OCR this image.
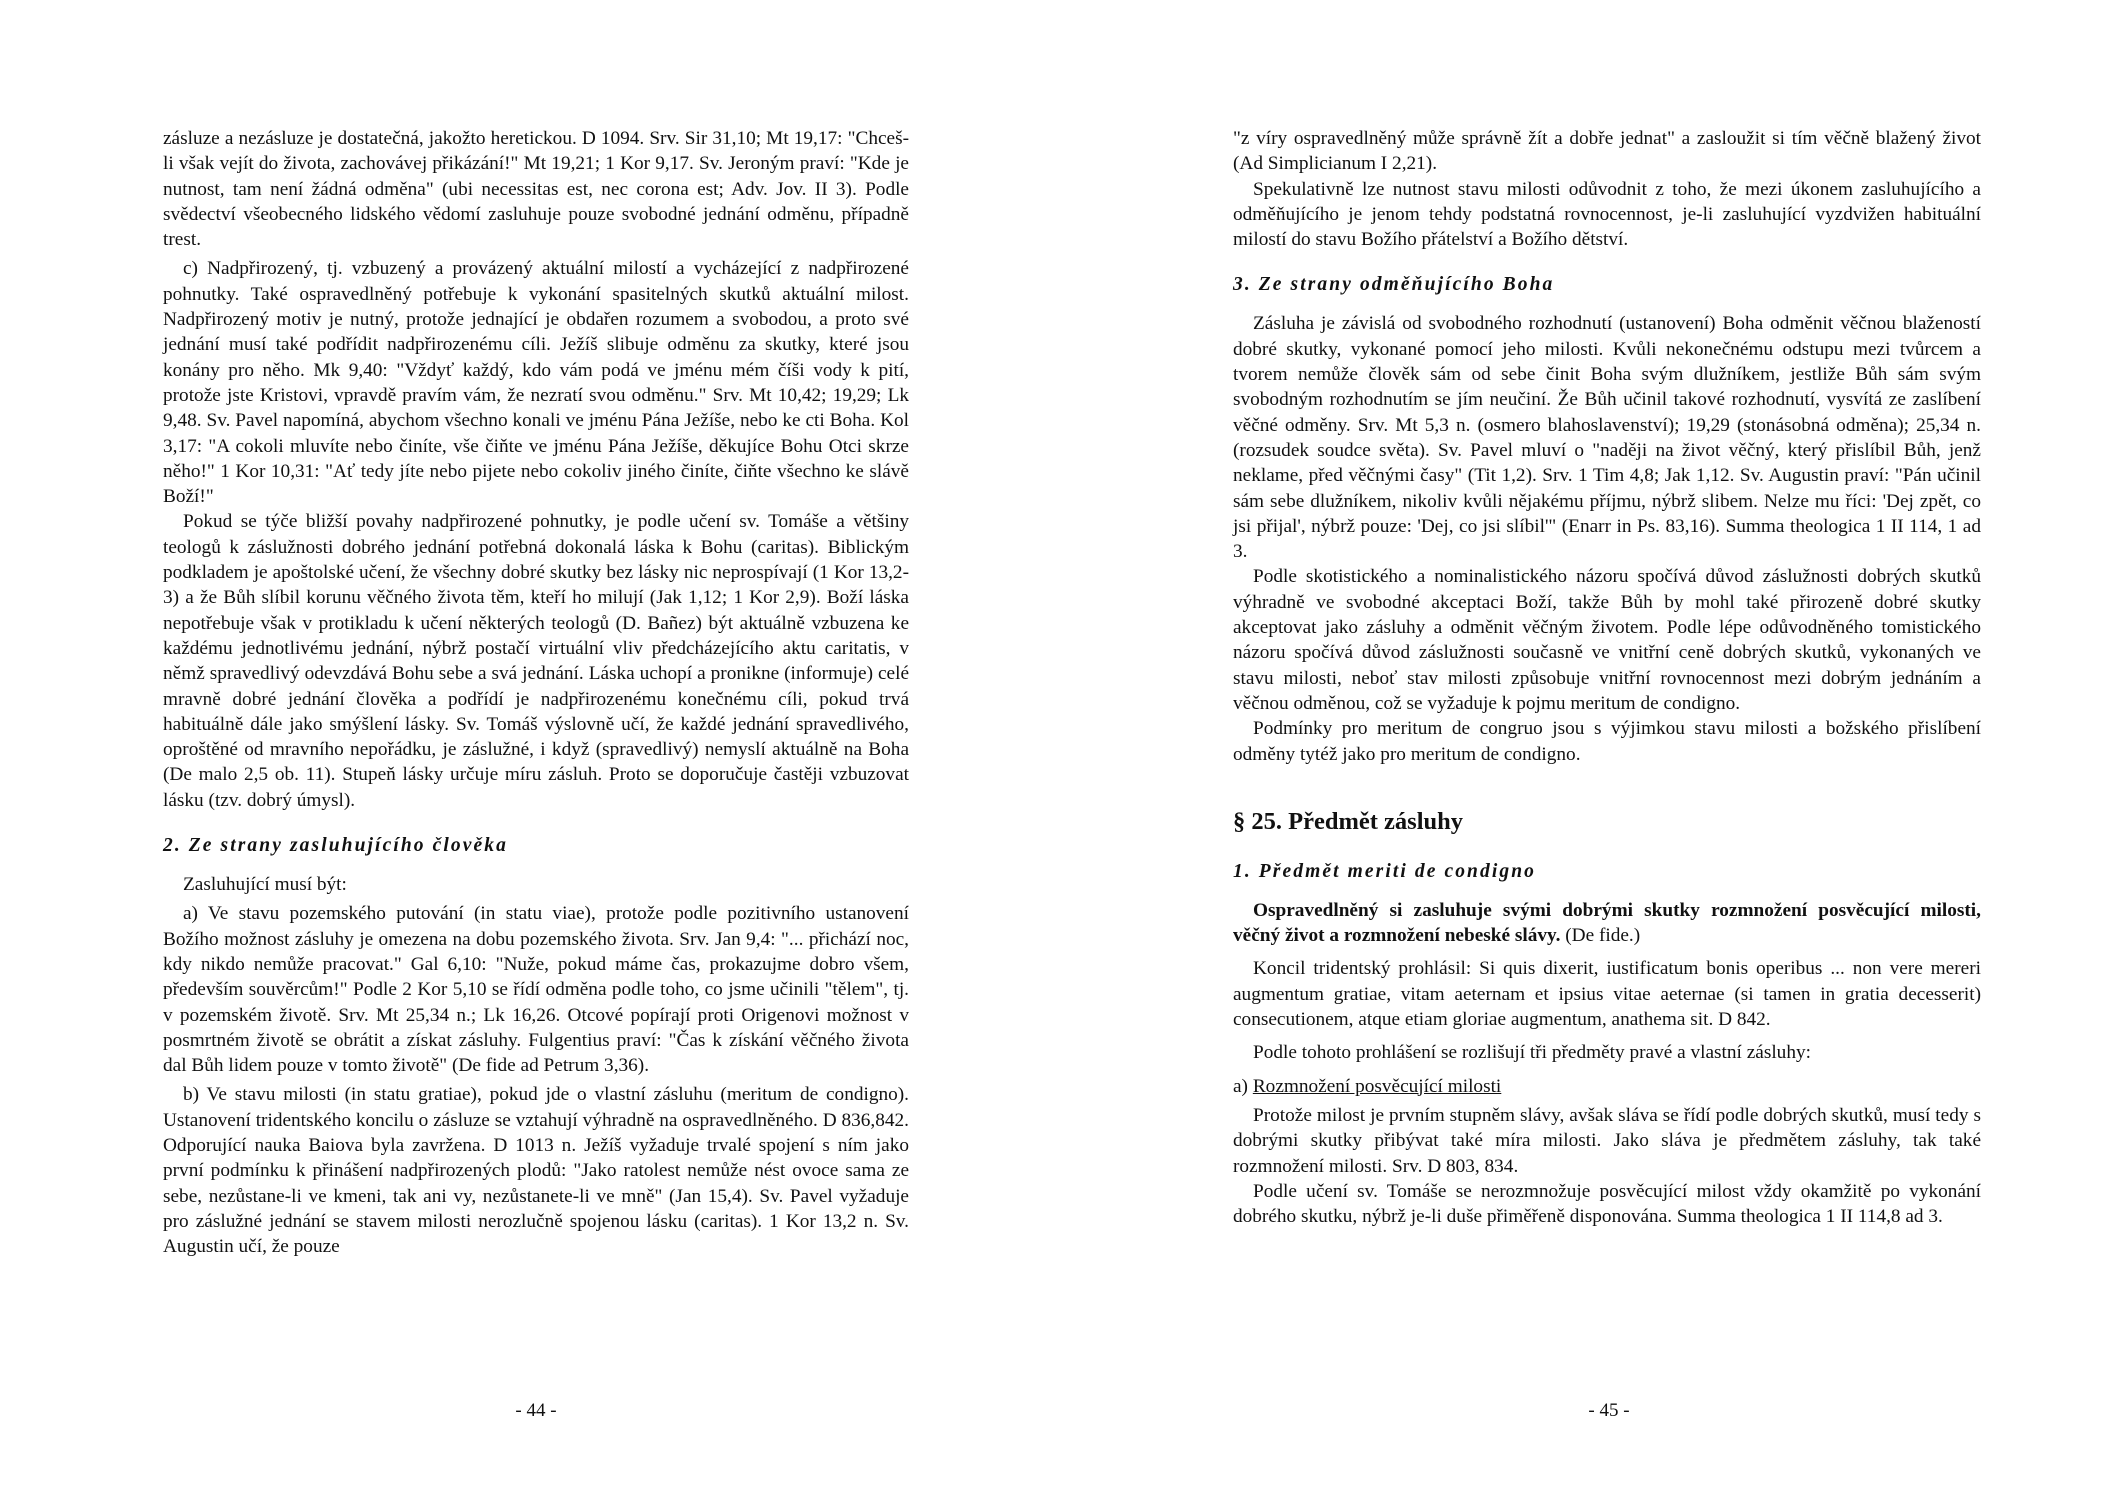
zásluze a nezásluze je dostatečná, jakožto heretickou. D 1094. Srv. Sir 31,10; Mt 19,17: "Chceš-li však vejít do života, zachovávej přikázání!" Mt 19,21; 1 Kor 9,17. Sv. Jeroným praví: "Kde je nutnost, tam není žádná odměna" (ubi necessitas est, nec corona est; Adv. Jov. II 3). Podle svědectví všeobecného lidského vědomí zasluhuje pouze svobodné jednání odměnu, případně trest.

c) Nadpřirozený, tj. vzbuzený a provázený aktuální milostí a vycházející z nadpřirozené pohnutky. Také ospravedlněný potřebuje k vykonání spasitelných skutků aktuální milost. Nadpřirozený motiv je nutný, protože jednající je obdařen rozumem a svobodou, a proto své jednání musí také podřídit nadpřirozenému cíli. Ježíš slibuje odměnu za skutky, které jsou konány pro něho. Mk 9,40: "Vždyť každý, kdo vám podá ve jménu mém číši vody k pití, protože jste Kristovi, vpravdě pravím vám, že nezratí svou odměnu." Srv. Mt 10,42; 19,29; Lk 9,48. Sv. Pavel napomíná, abychom všechno konali ve jménu Pána Ježíše, nebo ke cti Boha. Kol 3,17: "A cokoli mluvíte nebo činíte, vše čiňte ve jménu Pána Ježíše, děkujíce Bohu Otci skrze něho!" 1 Kor 10,31: "Ať tedy jíte nebo pijete nebo cokoliv jiného činíte, čiňte všechno ke slávě Boží!"

Pokud se týče bližší povahy nadpřirozené pohnutky, je podle učení sv. Tomáše a většiny teologů k záslužnosti dobrého jednání potřebná dokonalá láska k Bohu (caritas). Biblickým podkladem je apoštolské učení, že všechny dobré skutky bez lásky nic neprospívají (1 Kor 13,2-3) a že Bůh slíbil korunu věčného života těm, kteří ho milují (Jak 1,12; 1 Kor 2,9). Boží láska nepotřebuje však v protikladu k učení některých teologů (D. Bañez) být aktuálně vzbuzena ke každému jednotlivému jednání, nýbrž postačí virtuální vliv předcházejícího aktu caritatis, v němž spravedlivý odevzdává Bohu sebe a svá jednání. Láska uchopí a pronikne (informuje) celé mravně dobré jednání člověka a podřídí je nadpřirozenému konečnému cíli, pokud trvá habituálně dále jako smýšlení lásky. Sv. Tomáš výslovně učí, že každé jednání spravedlivého, oproštěné od mravního nepořádku, je záslužné, i když (spravedlivý) nemyslí aktuálně na Boha (De malo 2,5 ob. 11). Stupeň lásky určuje míru zásluh. Proto se doporučuje častěji vzbuzovat lásku (tzv. dobrý úmysl).

2. Ze strany zasluhujícího člověka

Zasluhující musí být:

a) Ve stavu pozemského putování (in statu viae), protože podle pozitivního ustanovení Božího možnost zásluhy je omezena na dobu pozemského života. Srv. Jan 9,4: "... přichází noc, kdy nikdo nemůže pracovat." Gal 6,10: "Nuže, pokud máme čas, prokazujme dobro všem, především souvěrcům!" Podle 2 Kor 5,10 se řídí odměna podle toho, co jsme učinili "tělem", tj. v pozemském životě. Srv. Mt 25,34 n.; Lk 16,26. Otcové popírají proti Origenovi možnost v posmrtném životě se obrátit a získat zásluhy. Fulgentius praví: "Čas k získání věčného života dal Bůh lidem pouze v tomto životě" (De fide ad Petrum 3,36).

b) Ve stavu milosti (in statu gratiae), pokud jde o vlastní zásluhu (meritum de condigno). Ustanovení tridentského koncilu o zásluze se vztahují výhradně na ospravedlněného. D 836,842. Odporující nauka Baiova byla zavržena. D 1013 n. Ježíš vyžaduje trvalé spojení s ním jako první podmínku k přinášení nadpřirozených plodů: "Jako ratolest nemůže nést ovoce sama ze sebe, nezůstane-li ve kmeni, tak ani vy, nezůstanete-li ve mně" (Jan 15,4). Sv. Pavel vyžaduje pro záslužné jednání se stavem milosti nerozlučně spojenou lásku (caritas). 1 Kor 13,2 n. Sv. Augustin učí, že pouze

- 44 -

"z víry ospravedlněný může správně žít a dobře jednat" a zasloužit si tím věčně blažený život (Ad Simplicianum I 2,21).

Spekulativně lze nutnost stavu milosti odůvodnit z toho, že mezi úkonem zasluhujícího a odměňujícího je jenom tehdy podstatná rovnocennost, je-li zasluhující vyzdvižen habituální milostí do stavu Božího přátelství a Božího dětství.

3. Ze strany odměňujícího Boha

Zásluha je závislá od svobodného rozhodnutí (ustanovení) Boha odměnit věčnou blažeností dobré skutky, vykonané pomocí jeho milosti. Kvůli nekonečnému odstupu mezi tvůrcem a tvorem nemůže člověk sám od sebe činit Boha svým dlužníkem, jestliže Bůh sám svým svobodným rozhodnutím se jím neučiní. Že Bůh učinil takové rozhodnutí, vysvítá ze zaslíbení věčné odměny. Srv. Mt 5,3 n. (osmero blahoslavenství); 19,29 (stonásobná odměna); 25,34 n. (rozsudek soudce světa). Sv. Pavel mluví o "naději na život věčný, který přislíbil Bůh, jenž neklame, před věčnými časy" (Tit 1,2). Srv. 1 Tim 4,8; Jak 1,12. Sv. Augustin praví: "Pán učinil sám sebe dlužníkem, nikoliv kvůli nějakému příjmu, nýbrž slibem. Nelze mu říci: 'Dej zpět, co jsi přijal', nýbrž pouze: 'Dej, co jsi slíbil'" (Enarr in Ps. 83,16). Summa theologica 1 II 114, 1 ad 3.

Podle skotistického a nominalistického názoru spočívá důvod záslužnosti dobrých skutků výhradně ve svobodné akceptaci Boží, takže Bůh by mohl také přirozeně dobré skutky akceptovat jako zásluhy a odměnit věčným životem. Podle lépe odůvodněného tomistického názoru spočívá důvod záslužnosti současně ve vnitřní ceně dobrých skutků, vykonaných ve stavu milosti, neboť stav milosti způsobuje vnitřní rovnocennost mezi dobrým jednáním a věčnou odměnou, což se vyžaduje k pojmu meritum de condigno.

Podmínky pro meritum de congruo jsou s výjimkou stavu milosti a božského přislíbení odměny tytéž jako pro meritum de condigno.

§ 25. Předmět zásluhy
1. Předmět meriti de condigno

Ospravedlněný si zasluhuje svými dobrými skutky rozmnožení posvěcující milosti, věčný život a rozmnožení nebeské slávy. (De fide.)

Koncil tridentský prohlásil: Si quis dixerit, iustificatum bonis operibus ... non vere mereri augmentum gratiae, vitam aeternam et ipsius vitae aeternae (si tamen in gratia decesserit) consecutionem, atque etiam gloriae augmentum, anathema sit. D 842.

Podle tohoto prohlášení se rozlišují tři předměty pravé a vlastní zásluhy:

a) Rozmnožení posvěcující milosti

Protože milost je prvním stupněm slávy, avšak sláva se řídí podle dobrých skutků, musí tedy s dobrými skutky přibývat také míra milosti. Jako sláva je předmětem zásluhy, tak také rozmnožení milosti. Srv. D 803, 834.

Podle učení sv. Tomáše se nerozmnožuje posvěcující milost vždy okamžitě po vykonání dobrého skutku, nýbrž je-li duše přiměřeně disponována. Summa theologica 1 II 114,8 ad 3.

- 45 -
